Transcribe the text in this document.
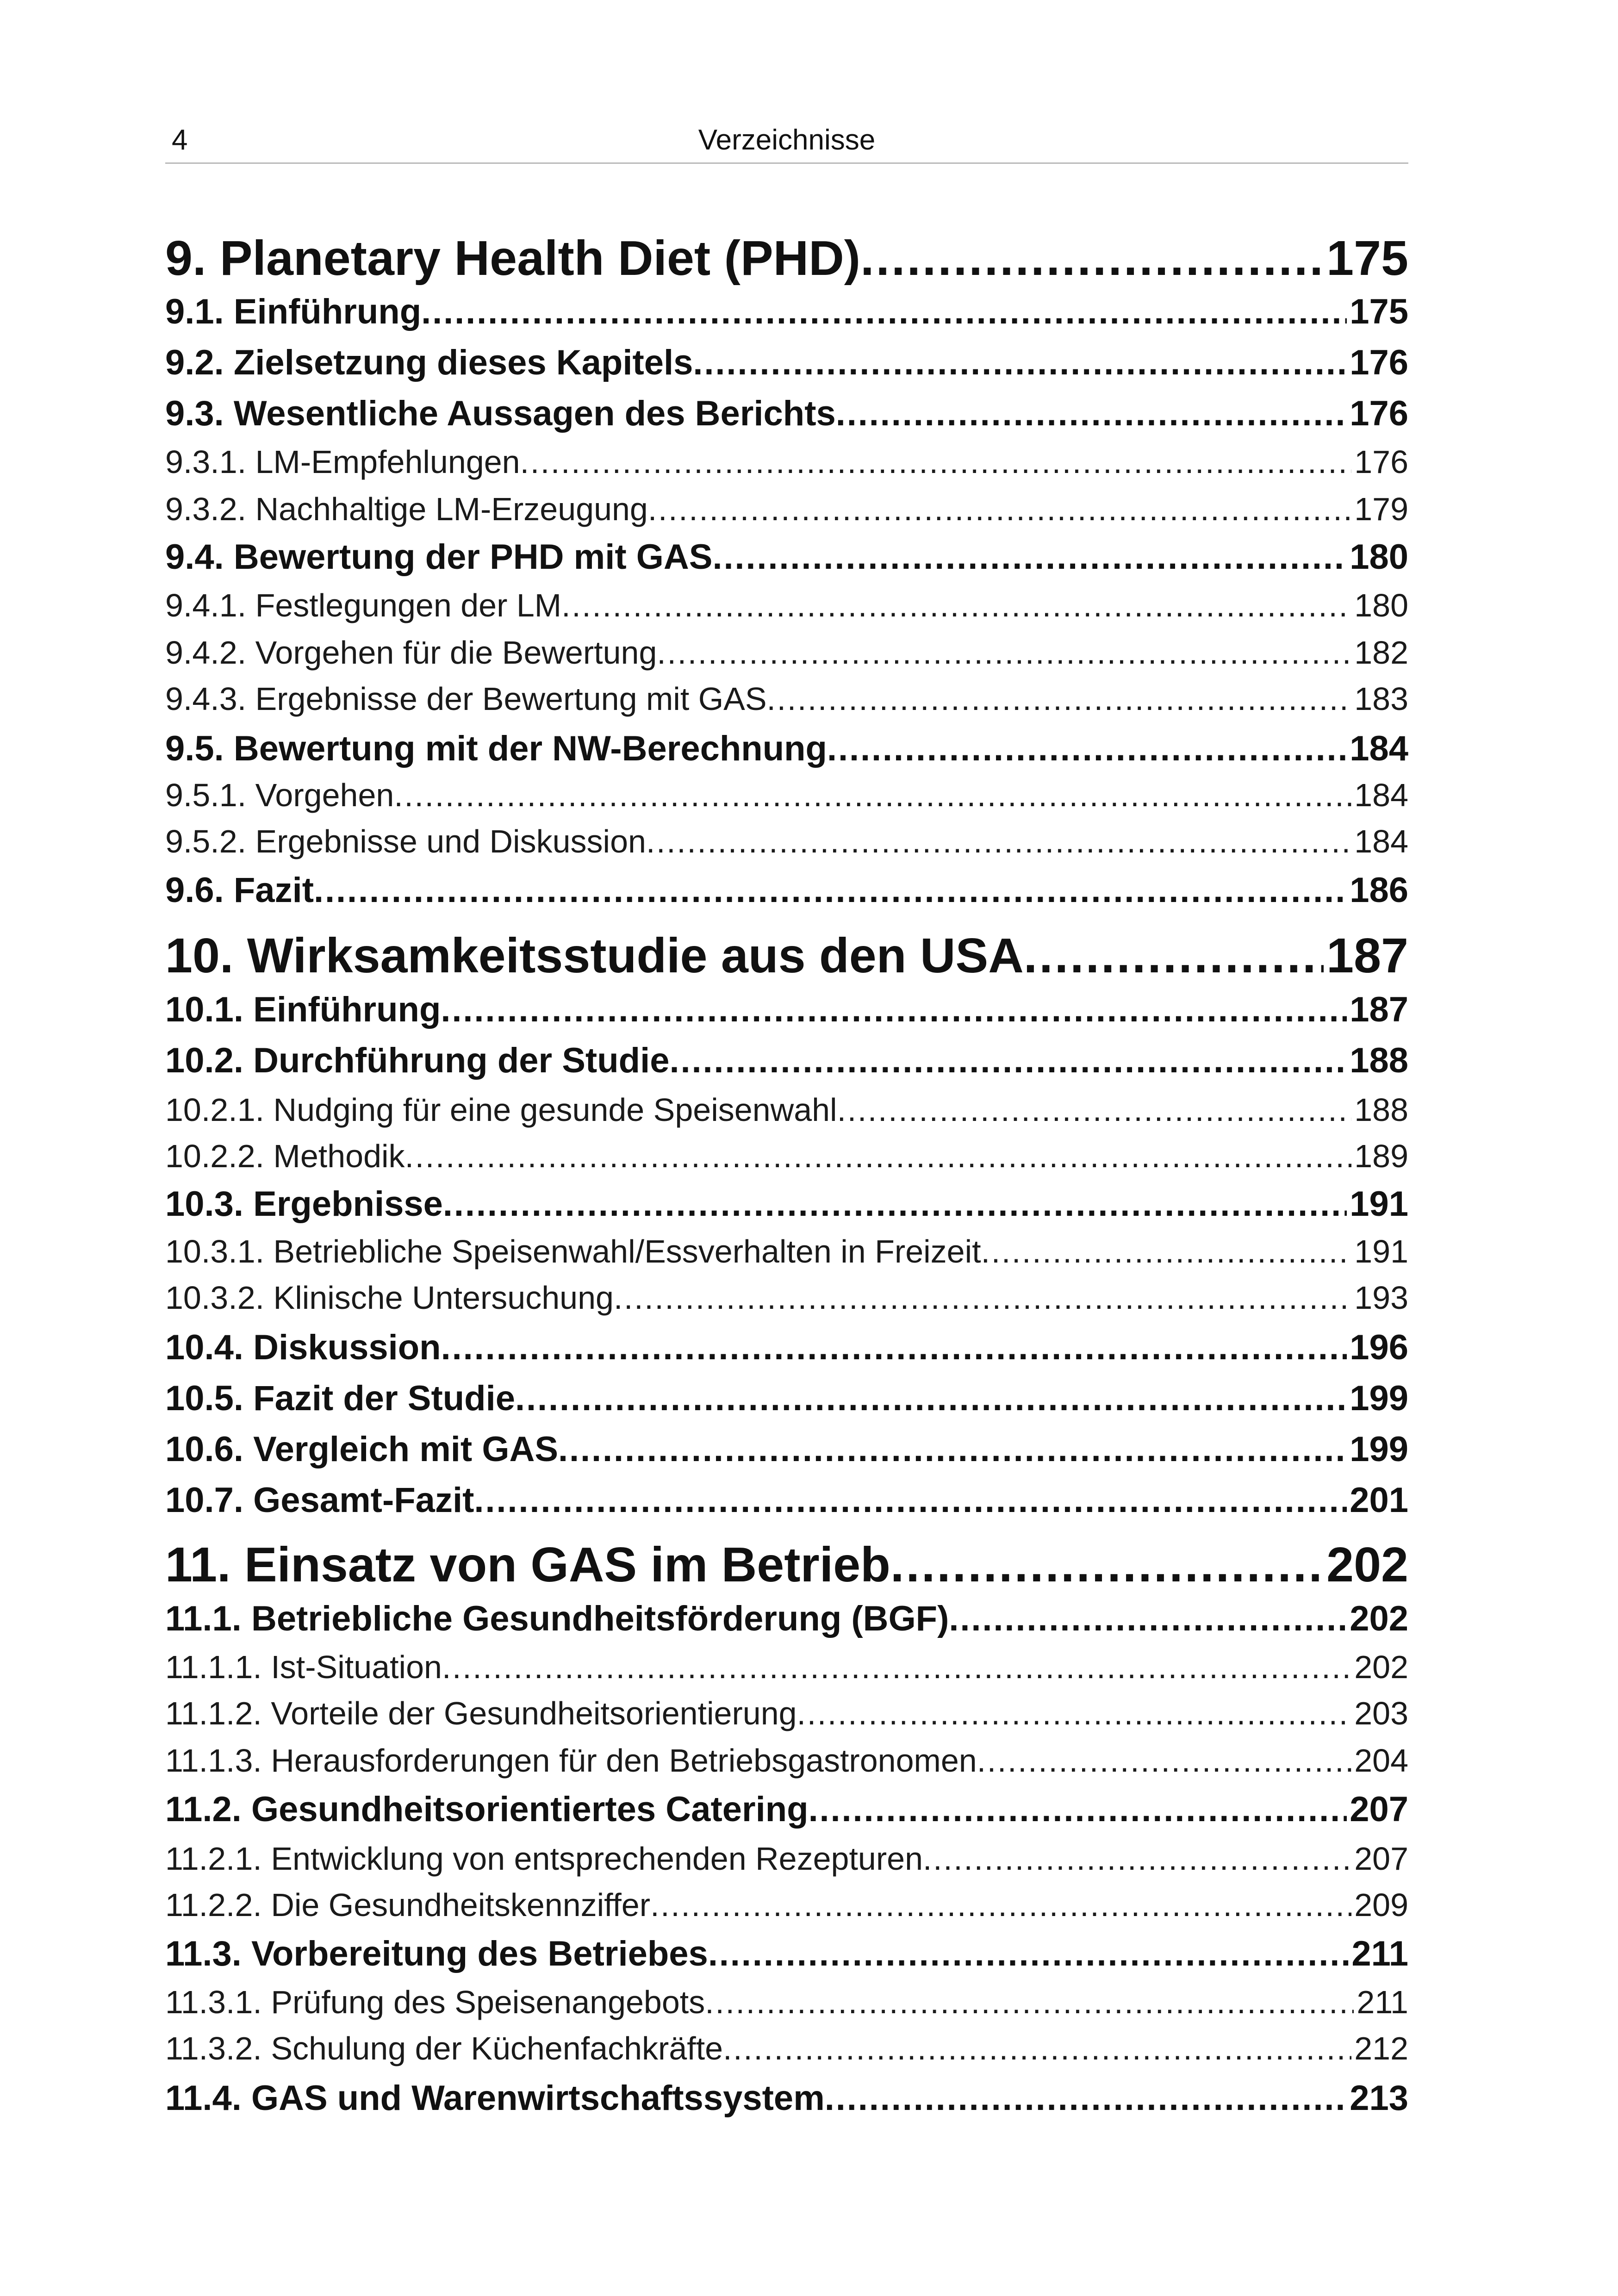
4	Verzeichnisse
9. Planetary Health Diet (PHD) . . .	175
9.1. Einführung . . .	175
9.2. Zielsetzung dieses Kapitels . . .	176
9.3. Wesentliche Aussagen des Berichts . . .	176
9.3.1. LM-Empfehlungen . . .	176
9.3.2. Nachhaltige LM-Erzeugung . . .	179
9.4. Bewertung der PHD mit GAS . . .	180
9.4.1. Festlegungen der LM . . .	180
9.4.2. Vorgehen für die Bewertung . . .	182
9.4.3. Ergebnisse der Bewertung mit GAS . . .	183
9.5. Bewertung mit der NW-Berechnung . . .	184
9.5.1. Vorgehen . . .	184
9.5.2. Ergebnisse und Diskussion . . .	184
9.6. Fazit . . .	186
10. Wirksamkeitsstudie aus den USA . . .	187
10.1. Einführung . . .	187
10.2. Durchführung der Studie . . .	188
10.2.1. Nudging für eine gesunde Speisenwahl . . .	188
10.2.2. Methodik . . .	189
10.3. Ergebnisse . . .	191
10.3.1. Betriebliche Speisenwahl/Essverhalten in Freizeit . . .	191
10.3.2. Klinische Untersuchung . . .	193
10.4. Diskussion . . .	196
10.5. Fazit der Studie . . .	199
10.6. Vergleich mit GAS . . .	199
10.7. Gesamt-Fazit . . .	201
11. Einsatz von GAS im Betrieb . . .	202
11.1. Betriebliche Gesundheitsförderung (BGF) . . .	202
11.1.1. Ist-Situation . . .	202
11.1.2. Vorteile der Gesundheitsorientierung . . .	203
11.1.3. Herausforderungen für den Betriebsgastronomen . . .	204
11.2. Gesundheitsorientiertes Catering . . .	207
11.2.1. Entwicklung von entsprechenden Rezepturen . . .	207
11.2.2. Die Gesundheitskennziffer . . .	209
11.3. Vorbereitung des Betriebes . . .	211
11.3.1. Prüfung des Speisenangebots . . .	211
11.3.2. Schulung der Küchenfachkräfte . . .	212
11.4. GAS und Warenwirtschaftssystem . . .	213
